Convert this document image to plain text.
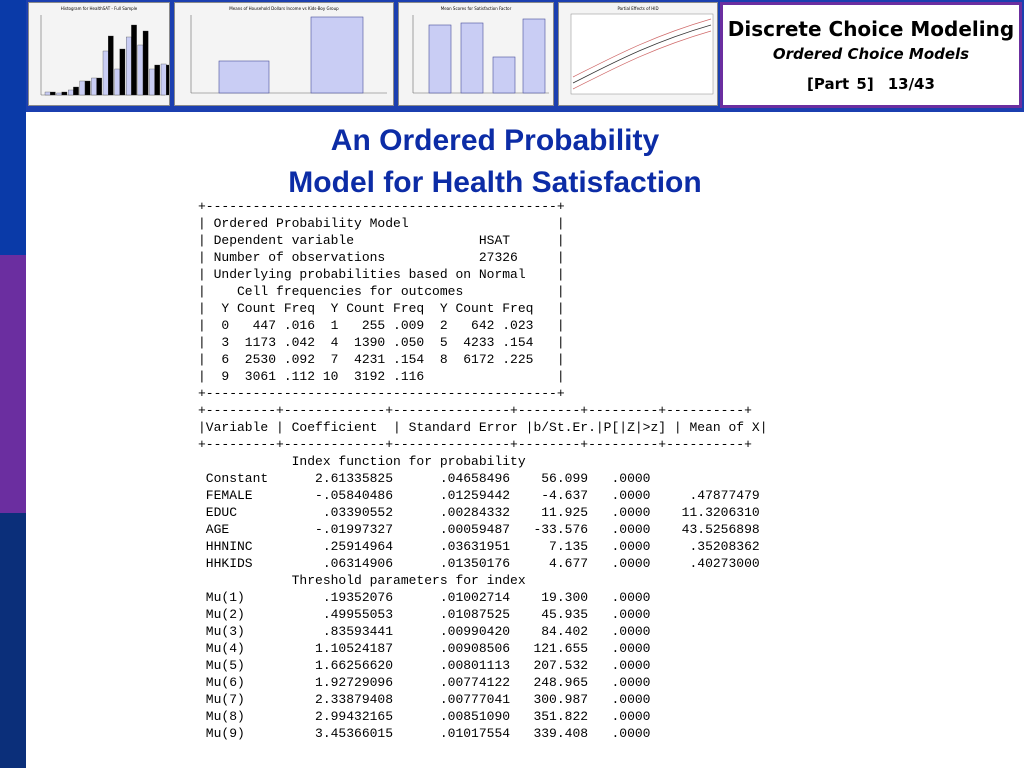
Histogram for HealthSAT - Full Sample	Means of Household Dollars Income vs Kids-Boy Group	Mean Scores for Satisfaction Factor	Partial Effects of HID
Discrete Choice Modeling
Ordered Choice Models
[Part 5] 13/43
An Ordered Probability
Model for Health Satisfaction
+---------------------------------------------+
| Ordered Probability Model                   |
| Dependent variable                HSAT      |
| Number of observations            27326     |
| Underlying probabilities based on Normal    |
|    Cell frequencies for outcomes            |
|  Y Count Freq  Y Count Freq  Y Count Freq   |
|  0   447 .016  1   255 .009  2   642 .023   |
|  3  1173 .042  4  1390 .050  5  4233 .154   |
|  6  2530 .092  7  4231 .154  8  6172 .225   |
|  9  3061 .112 10  3192 .116                 |
+---------------------------------------------+
+---------+-------------+---------------+--------+---------+----------+
|Variable | Coefficient  | Standard Error |b/St.Er.|P[|Z|>z] | Mean of X|
+---------+-------------+---------------+--------+---------+----------+
Index function for probability
Constant      2.61335825      .04658496    56.099   .0000
FEMALE        -.05840486      .01259442    -4.637   .0000     .47877479
EDUC           .03390552      .00284332    11.925   .0000    11.3206310
AGE           -.01997327      .00059487   -33.576   .0000    43.5256898
HHNINC         .25914964      .03631951     7.135   .0000     .35208362
HHKIDS         .06314906      .01350176     4.677   .0000     .40273000
Threshold parameters for index
Mu(1)          .19352076      .01002714    19.300   .0000
Mu(2)          .49955053      .01087525    45.935   .0000
Mu(3)          .83593441      .00990420    84.402   .0000
Mu(4)         1.10524187      .00908506   121.655   .0000
Mu(5)         1.66256620      .00801113   207.532   .0000
Mu(6)         1.92729096      .00774122   248.965   .0000
Mu(7)         2.33879408      .00777041   300.987   .0000
Mu(8)         2.99432165      .00851090   351.822   .0000
Mu(9)         3.45366015      .01017554   339.408   .0000
